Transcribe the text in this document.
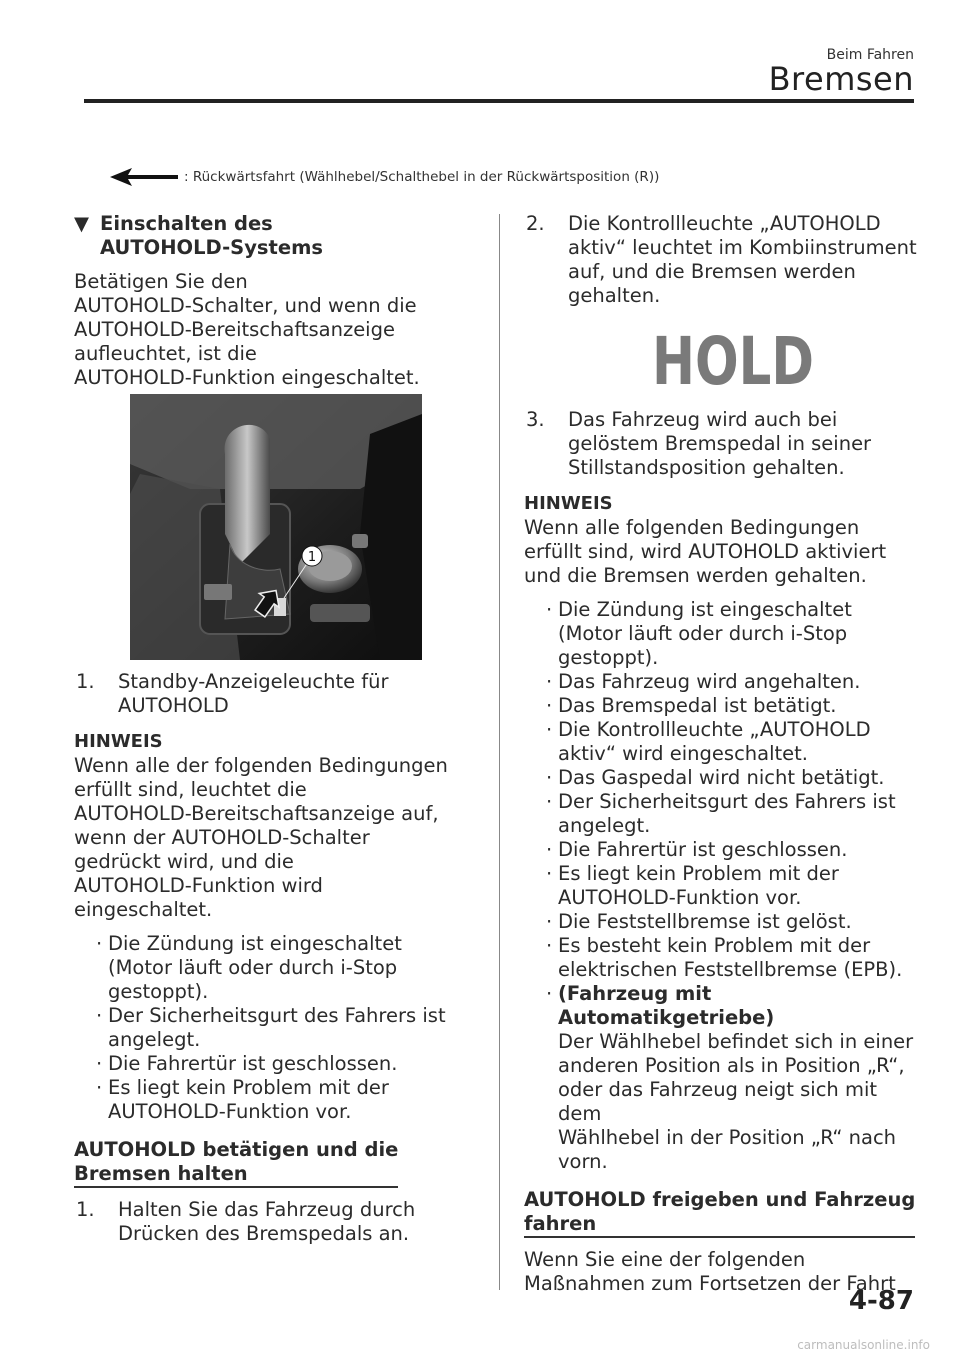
Beim Fahren
Bremsen
: Rückwärtsfahrt (Wählhebel/Schalthebel in der Rückwärtsposition (R))
▼ Einschalten des
AUTOHOLD-Systems
Betätigen Sie den
AUTOHOLD-Schalter, und wenn die
AUTOHOLD-Bereitschaftsanzeige
aufleuchtet, ist die
AUTOHOLD-Funktion eingeschaltet.
1
1.	Standby-Anzeigeleuchte für
AUTOHOLD
HINWEIS
Wenn alle der folgenden Bedingungen
erfüllt sind, leuchtet die
AUTOHOLD-Bereitschaftsanzeige auf,
wenn der AUTOHOLD-Schalter
gedrückt wird, und die
AUTOHOLD-Funktion wird
eingeschaltet.
· Die Zündung ist eingeschaltet
(Motor läuft oder durch i-Stop
gestoppt).
· Der Sicherheitsgurt des Fahrers ist
angelegt.
· Die Fahrertür ist geschlossen.
· Es liegt kein Problem mit der
AUTOHOLD-Funktion vor.
AUTOHOLD betätigen und die
Bremsen halten
1.	Halten Sie das Fahrzeug durch
Drücken des Bremspedals an.
2.	Die Kontrollleuchte „AUTOHOLD
aktiv“ leuchtet im Kombiinstrument
auf, und die Bremsen werden
gehalten.
HOLD
3.	Das Fahrzeug wird auch bei
gelöstem Bremspedal in seiner
Stillstandsposition gehalten.
HINWEIS
Wenn alle folgenden Bedingungen
erfüllt sind, wird AUTOHOLD aktiviert
und die Bremsen werden gehalten.
· Die Zündung ist eingeschaltet
(Motor läuft oder durch i-Stop
gestoppt).
· Das Fahrzeug wird angehalten.
· Das Bremspedal ist betätigt.
· Die Kontrollleuchte „AUTOHOLD
aktiv“ wird eingeschaltet.
· Das Gaspedal wird nicht betätigt.
· Der Sicherheitsgurt des Fahrers ist
angelegt.
· Die Fahrertür ist geschlossen.
· Es liegt kein Problem mit der
AUTOHOLD-Funktion vor.
· Die Feststellbremse ist gelöst.
· Es besteht kein Problem mit der
elektrischen Feststellbremse (EPB).
· (Fahrzeug mit Automatikgetriebe)
Der Wählhebel befindet sich in einer
anderen Position als in Position „R“,
oder das Fahrzeug neigt sich mit dem
Wählhebel in der Position „R“ nach
vorn.
AUTOHOLD freigeben und Fahrzeug
fahren
Wenn Sie eine der folgenden
Maßnahmen zum Fortsetzen der Fahrt
4-87
carmanualsonline.info
